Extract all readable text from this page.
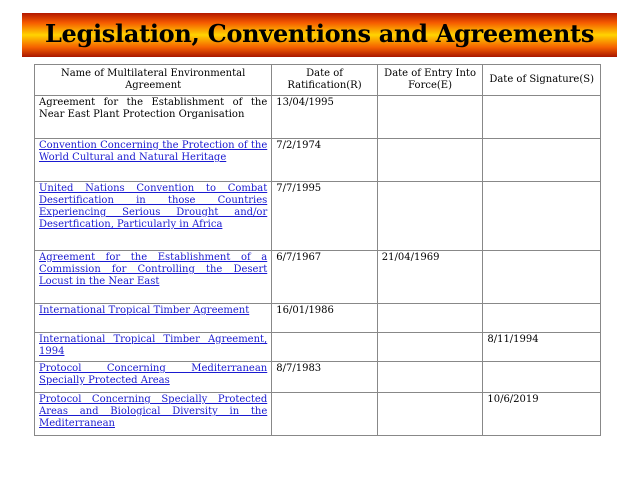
Legislation, Conventions and Agreements
Name of Multilateral Environmental Agreement	Date of Ratification(R)	Date of Entry Into Force(E)	Date of Signature(S)
Agreement for the Establishment of the Near East Plant Protection Organisation	13/04/1995		
Convention Concerning the Protection of the World Cultural and Natural Heritage	7/2/1974		
United Nations Convention to Combat Desertification in those Countries Experiencing Serious Drought and/or Desertfication, Particularly in Africa	7/7/1995		
Agreement for the Establishment of a Commission for Controlling the Desert Locust in the Near East	6/7/1967	21/04/1969	
International Tropical Timber Agreement	16/01/1986		
International Tropical Timber Agreement, 1994			8/11/1994
Protocol Concerning Mediterranean Specially Protected Areas	8/7/1983		
Protocol Concerning Specially Protected Areas and Biological Diversity in the Mediterranean			10/6/2019
